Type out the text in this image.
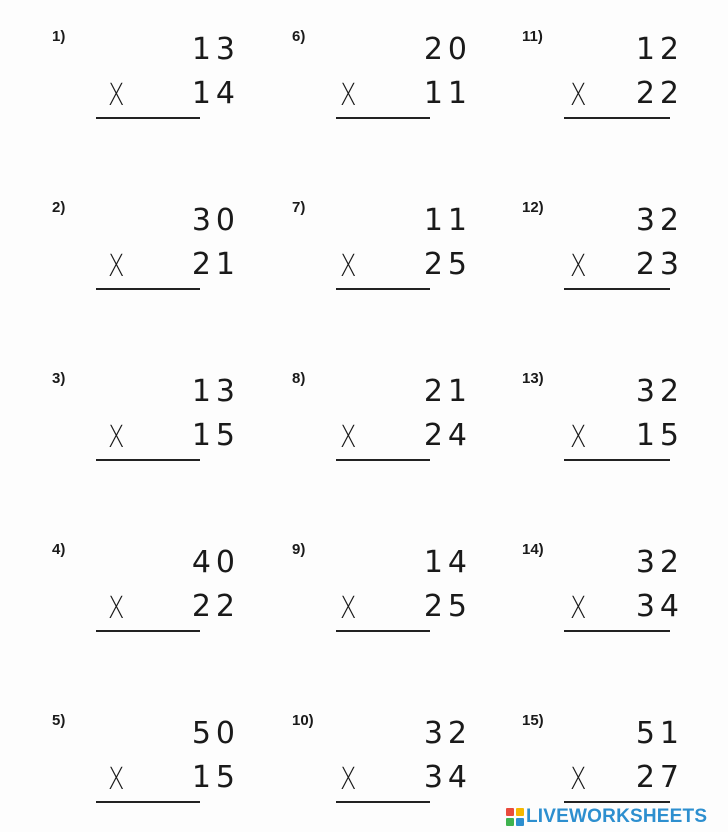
1)	13
X	14
2)	30
X	21
3)	13
X	15
4)	40
X	22
5)	50
X	15
6)	20
X	11
7)	11
X	25
8)	21
X	24
9)	14
X	25
10)	32
X	34
11)	12
X	22
12)	32
X	23
13)	32
X	15
14)	32
X	34
15)	51
X	27
LIVEWORKSHEETS
